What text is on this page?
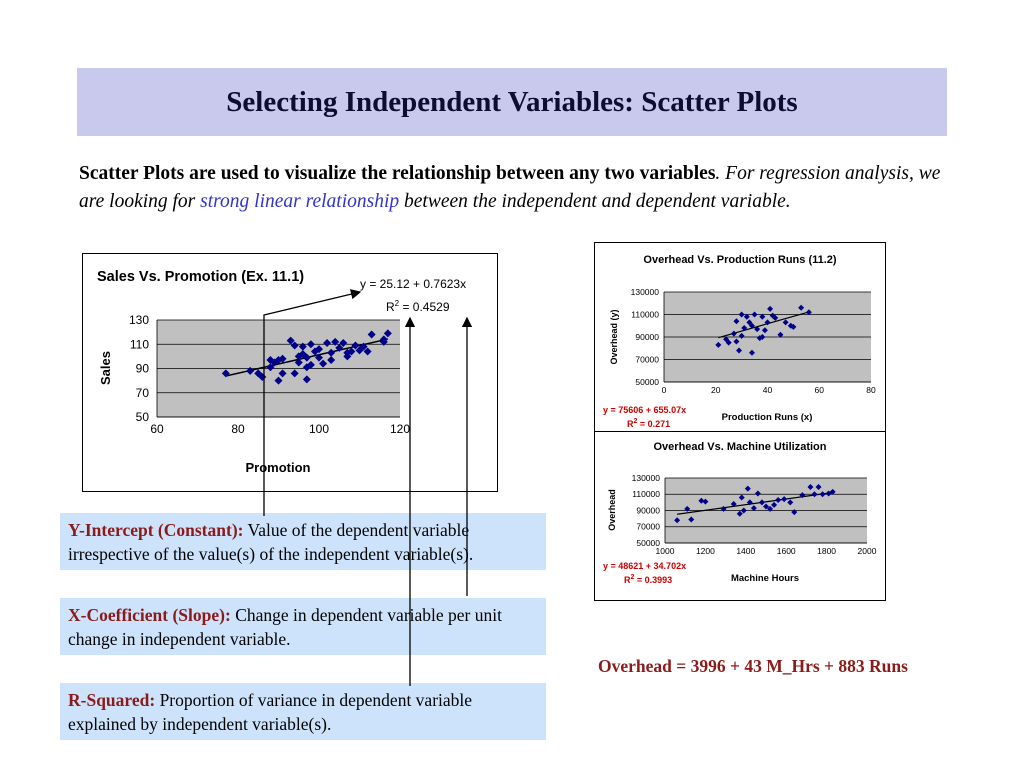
Selecting Independent Variables: Scatter Plots
Scatter Plots are used to visualize the relationship between any two variables. For regression analysis, we are looking for strong linear relationship between the independent and dependent variable.
Sales Vs. Promotion (Ex. 11.1)	y = 25.12 + 0.7623x
$R^2 = 0.4529$
60	80	100	120
50
70
90
110
130
Promotion
Sales
Overhead Vs. Production Runs (11.2)
0	20	40	60	80
50000
70000
90000
110000
130000
Production Runs (x)
Overhead (y)
y = 75606 + 655.07x
$R^2 = 0.271$
Overhead Vs. Machine Utilization
1000	1200	1400	1600	1800	2000
50000
70000
90000
110000
130000
Machine Hours
Overhead
y = 48621 + 34.702x
$R^2 = 0.3993$
Y-Intercept (Constant): Value of the dependent variable irrespective of the value(s) of the independent variable(s).
X-Coefficient (Slope): Change in dependent variable per unit change in independent variable.
R-Squared: Proportion of variance in dependent variable explained by independent variable(s).
Overhead = 3996 + 43 M_Hrs + 883 Runs
